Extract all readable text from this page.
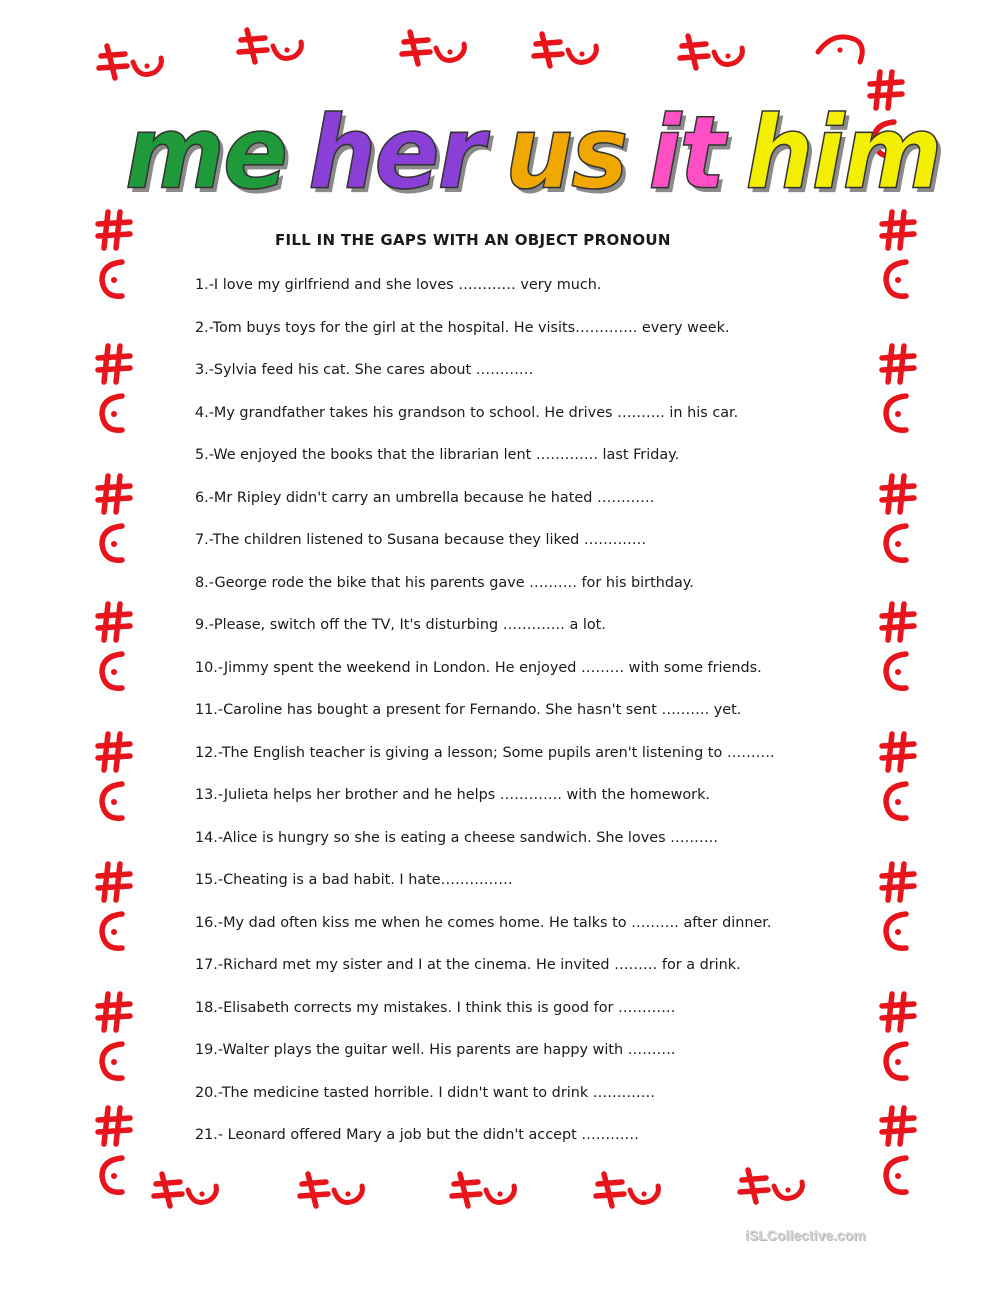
me her us it him
FILL IN THE GAPS WITH AN OBJECT PRONOUN
1.-I love my girlfriend and she loves ………… very much.
2.-Tom buys toys for the girl at the hospital. He visits…………. every week.
3.-Sylvia feed his cat. She cares about …………
4.-My grandfather takes his grandson to school. He drives ………. in his car.
5.-We enjoyed the books that the librarian lent …………. last Friday.
6.-Mr Ripley didn't carry an umbrella because he hated …………
7.-The children listened to Susana because they liked ………….
8.-George rode the bike that his parents gave ………. for his birthday.
9.-Please, switch off the TV, It's disturbing …………. a lot.
10.-Jimmy spent the weekend in London. He enjoyed ……… with some friends.
11.-Caroline has bought a present for Fernando. She hasn't sent ………. yet.
12.-The English teacher is giving a lesson; Some pupils aren't listening to ……….
13.-Julieta helps her brother and he helps …………. with the homework.
14.-Alice is hungry so she is eating a cheese sandwich. She loves ……….
15.-Cheating is a bad habit. I hate……………
16.-My dad often kiss me when he comes home. He talks to ………. after dinner.
17.-Richard met my sister and I at the cinema. He invited ……… for a drink.
18.-Elisabeth corrects my mistakes. I think this is good for …………
19.-Walter plays the guitar well. His parents are happy with ……….
20.-The medicine tasted horrible. I didn't want to drink ………….
21.- Leonard offered Mary a job but the didn't accept …………
iSLCollective.com
